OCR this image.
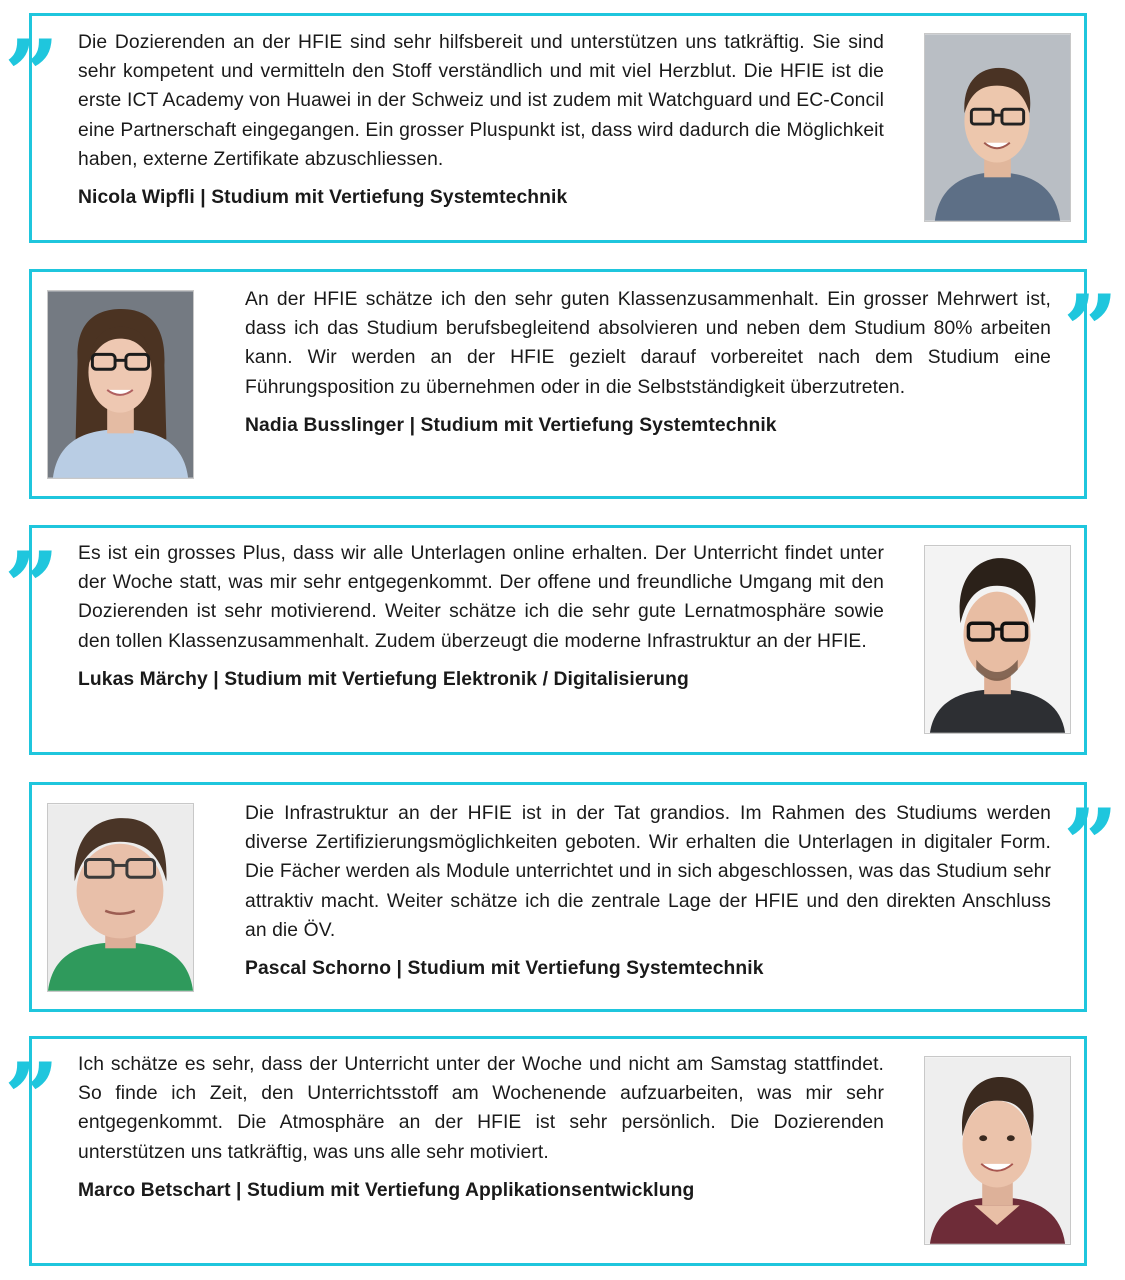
” Die Dozierenden an der HFIE sind sehr hilfsbereit und unterstützen uns tatkräftig. Sie sind sehr kompetent und vermitteln den Stoff verständlich und mit viel Herzblut. Die HFIE ist die erste ICT Academy von Huawei in der Schweiz und ist zudem mit Watchguard und EC-Concil eine Partnerschaft eingegangen. Ein grosser Pluspunkt ist, dass wird dadurch die Möglichkeit haben, externe Zertifikate abzuschliessen.

Nicola Wipfli | Studium mit Vertiefung Systemtechnik

An der HFIE schätze ich den sehr guten Klassenzusammenhalt. Ein grosser Mehrwert ist, dass ich das Studium berufsbegleitend absolvieren und neben dem Studium 80% arbeiten kann. Wir werden an der HFIE gezielt darauf vorbereitet nach dem Studium eine Führungsposition zu übernehmen oder in die Selbstständigkeit überzutreten.

Nadia Busslinger | Studium mit Vertiefung Systemtechnik
”
” Es ist ein grosses Plus, dass wir alle Unterlagen online erhalten. Der Unterricht findet unter der Woche statt, was mir sehr entgegenkommt. Der offene und freundliche Umgang mit den Dozierenden ist sehr motivierend. Weiter schätze ich die sehr gute Lernatmosphäre sowie den tollen Klassenzusammenhalt. Zudem überzeugt die moderne Infrastruktur an der HFIE.

Lukas Märchy | Studium mit Vertiefung Elektronik / Digitalisierung

Die Infrastruktur an der HFIE ist in der Tat grandios. Im Rahmen des Studiums werden diverse Zertifizierungsmöglichkeiten geboten. Wir erhalten die Unterlagen in digitaler Form. Die Fächer werden als Module unterrichtet und in sich abgeschlossen, was das Studium sehr attraktiv macht. Weiter schätze ich die zentrale Lage der HFIE und den direkten Anschluss an die ÖV.

Pascal Schorno | Studium mit Vertiefung Systemtechnik
”
” Ich schätze es sehr, dass der Unterricht unter der Woche und nicht am Samstag stattfindet. So finde ich Zeit, den Unterrichtsstoff am Wochenende aufzuarbeiten, was mir sehr entgegenkommt. Die Atmosphäre an der HFIE ist sehr persönlich. Die Dozierenden unterstützen uns tatkräftig, was uns alle sehr motiviert.

Marco Betschart | Studium mit Vertiefung Applikationsentwicklung
